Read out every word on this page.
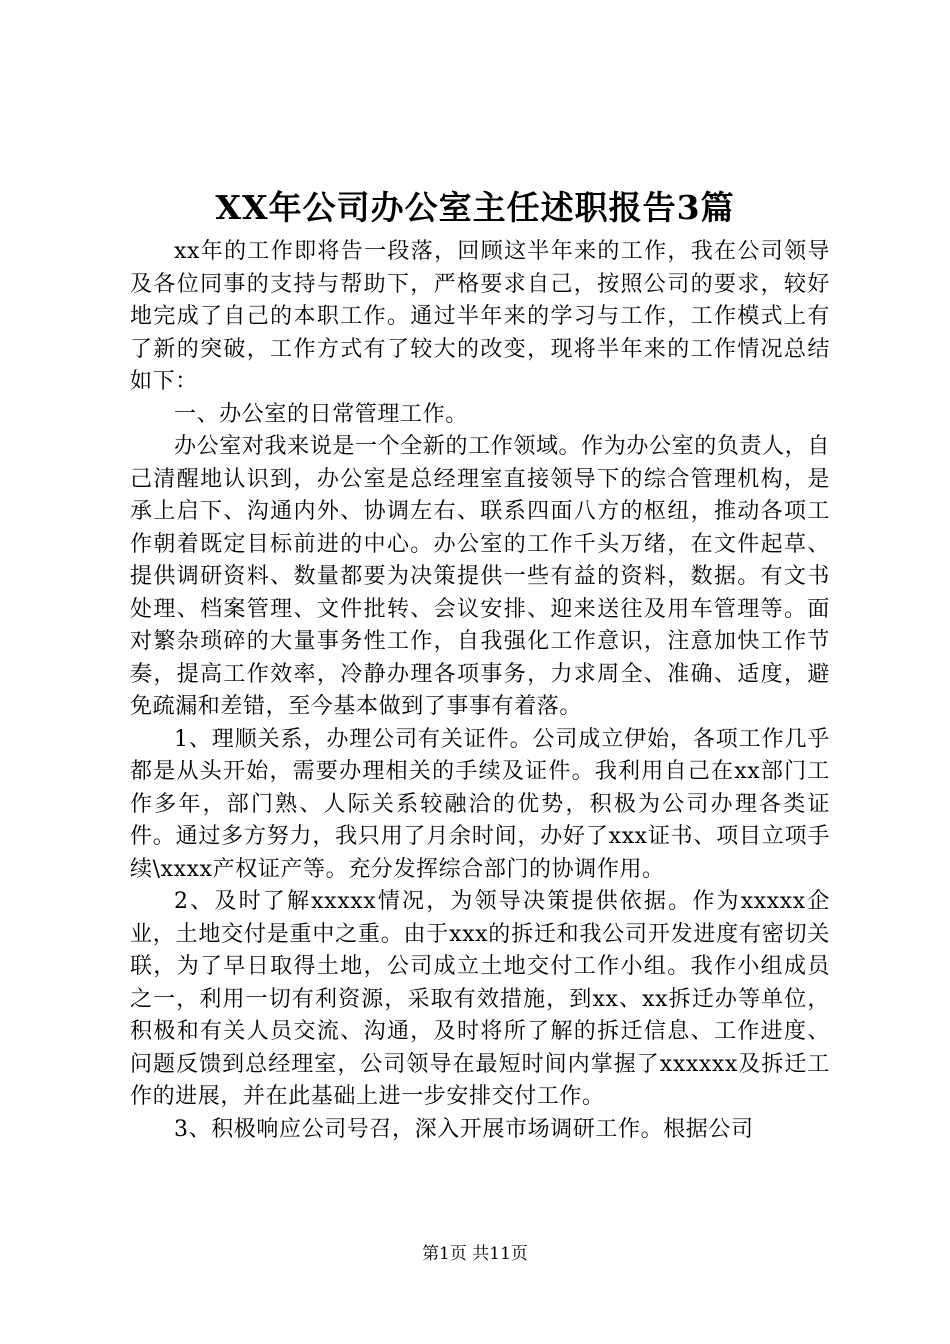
XX年公司办公室主任述职报告3篇

xx年的工作即将告一段落，回顾这半年来的工作，我在公司领导及各位同事的支持与帮助下，严格要求自己，按照公司的要求，较好地完成了自己的本职工作。通过半年来的学习与工作，工作模式上有了新的突破，工作方式有了较大的改变，现将半年来的工作情况总结如下：

一、办公室的日常管理工作。

办公室对我来说是一个全新的工作领域。作为办公室的负责人，自己清醒地认识到，办公室是总经理室直接领导下的综合管理机构，是承上启下、沟通内外、协调左右、联系四面八方的枢纽，推动各项工作朝着既定目标前进的中心。办公室的工作千头万绪，在文件起草、提供调研资料、数量都要为决策提供一些有益的资料，数据。有文书处理、档案管理、文件批转、会议安排、迎来送往及用车管理等。面对繁杂琐碎的大量事务性工作，自我强化工作意识，注意加快工作节奏，提高工作效率，冷静办理各项事务，力求周全、准确、适度，避免疏漏和差错，至今基本做到了事事有着落。

1、理顺关系，办理公司有关证件。公司成立伊始，各项工作几乎都是从头开始，需要办理相关的手续及证件。我利用自己在xx部门工作多年，部门熟、人际关系较融洽的优势，积极为公司办理各类证件。通过多方努力，我只用了月余时间，办好了xxx证书、项目立项手续\xxxx产权证产等。充分发挥综合部门的协调作用。

2、及时了解xxxxx情况，为领导决策提供依据。作为xxxxx企业，土地交付是重中之重。由于xxx的拆迁和我公司开发进度有密切关联，为了早日取得土地，公司成立土地交付工作小组。我作小组成员之一，利用一切有利资源，采取有效措施，到xx、xx拆迁办等单位，积极和有关人员交流、沟通，及时将所了解的拆迁信息、工作进度、问题反馈到总经理室，公司领导在最短时间内掌握了xxxxxx及拆迁工作的进展，并在此基础上进一步安排交付工作。

3、积极响应公司号召，深入开展市场调研工作。根据公司

第1页 共11页
